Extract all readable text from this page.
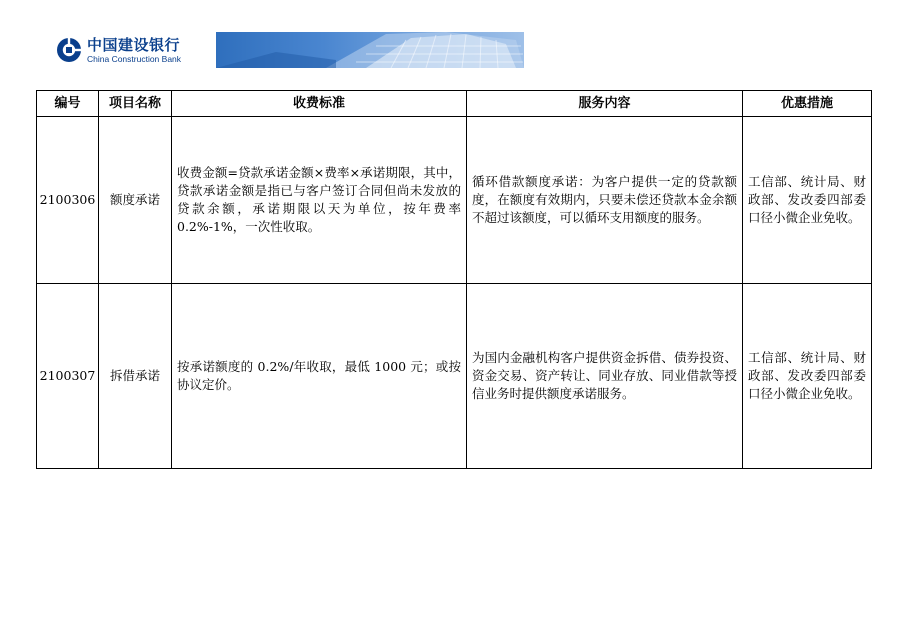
中国建设银行
China Construction Bank
编号	项目名称	收费标准	服务内容	优惠措施
2100306	额度承诺	收费金额=贷款承诺金额×费率×承诺期限，其中，贷款承诺金额是指已与客户签订合同但尚未发放的贷款余额，承诺期限以天为单位，按年费率 0.2%-1%，一次性收取。	循环借款额度承诺：为客户提供一定的贷款额度，在额度有效期内，只要未偿还贷款本金余额不超过该额度，可以循环支用额度的服务。	工信部、统计局、财政部、发改委四部委口径小微企业免收。
2100307	拆借承诺	按承诺额度的 0.2%/年收取，最低 1000 元；或按协议定价。	为国内金融机构客户提供资金拆借、债券投资、资金交易、资产转让、同业存放、同业借款等授信业务时提供额度承诺服务。	工信部、统计局、财政部、发改委四部委口径小微企业免收。
